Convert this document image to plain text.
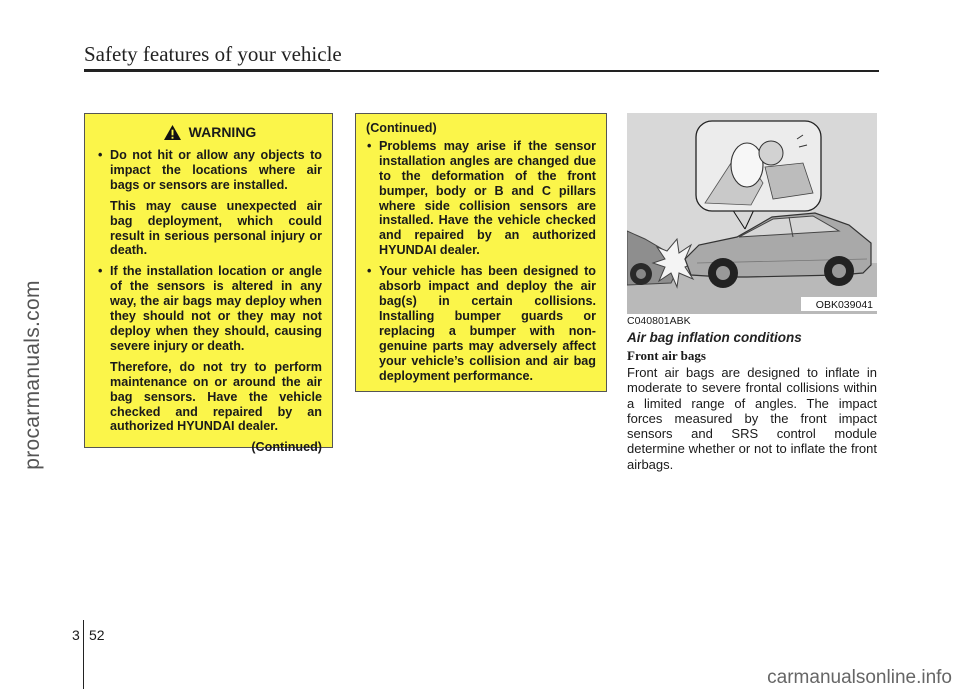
Safety features of your vehicle
procarmanuals.com
carmanualsonline.info
WARNING
• Do not hit or allow any objects to impact the locations where air bags or sensors are installed.
This may cause unexpected air bag deployment, which could result in serious personal injury or death.
• If the installation location or angle of the sensors is altered in any way, the air bags may deploy when they should not or they may not deploy when they should, causing severe injury or death.
Therefore, do not try to perform maintenance on or around the air bag sensors. Have the vehicle checked and repaired by an authorized HYUNDAI dealer.
(Continued)
(Continued)
• Problems may arise if the sensor installation angles are changed due to the deformation of the front bumper, body or B and C pillars where side collision sensors are installed. Have the vehicle checked and repaired by an authorized HYUNDAI dealer.
• Your vehicle has been designed to absorb impact and deploy the air bag(s) in certain collisions. Installing bumper guards or replacing a bumper with non-genuine parts may adversely affect your vehicle’s collision and air bag deployment performance.
OBK039041
C040801ABK
Air bag inflation conditions
Front air bags
Front air bags are designed to inflate in moderate to severe frontal collisions within a limited range of angles. The impact forces measured by the front impact sensors and SRS control module determine whether or not to inflate the front airbags.
3 52
